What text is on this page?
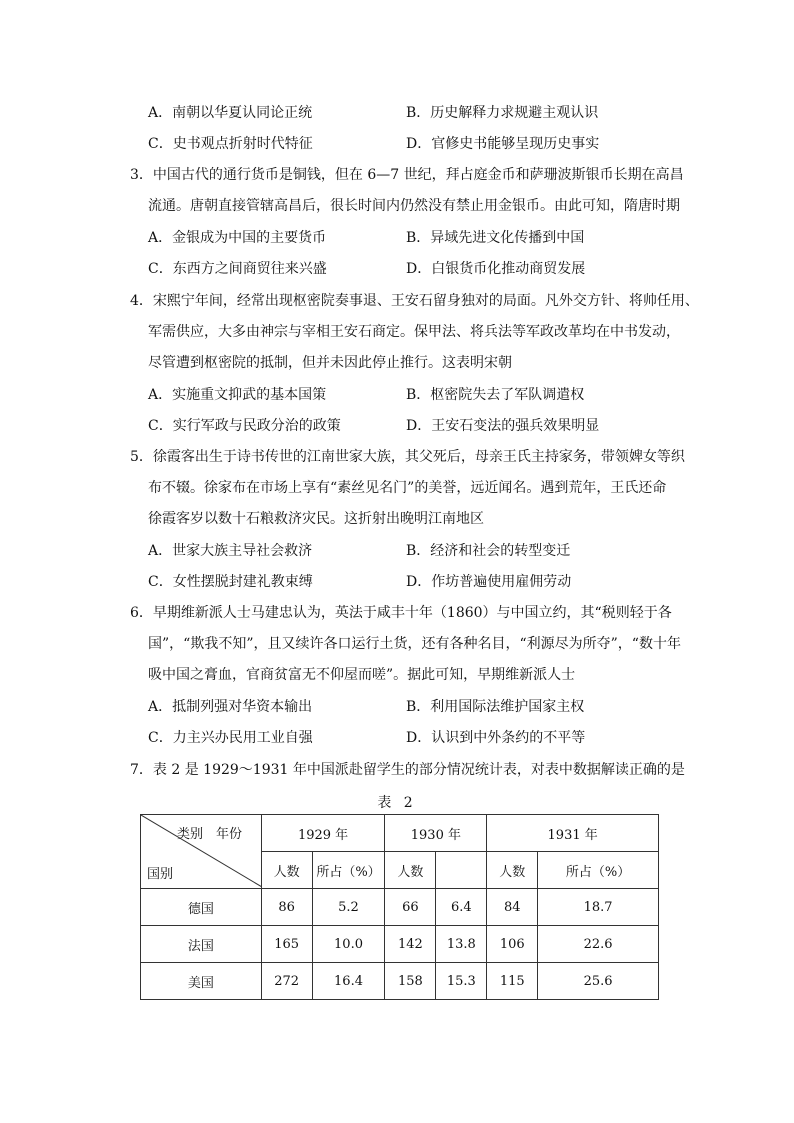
A．南朝以华夏认同论正统	B．历史解释力求规避主观认识
C．史书观点折射时代特征	D．官修史书能够呈现历史事实
3．中国古代的通行货币是铜钱，但在 6—7 世纪，拜占庭金币和萨珊波斯银币长期在高昌
流通。唐朝直接管辖高昌后，很长时间内仍然没有禁止用金银币。由此可知，隋唐时期
A．金银成为中国的主要货币	B．异域先进文化传播到中国
C．东西方之间商贸往来兴盛	D．白银货币化推动商贸发展
4．宋熙宁年间，经常出现枢密院奏事退、王安石留身独对的局面。凡外交方针、将帅任用、
军需供应，大多由神宗与宰相王安石商定。保甲法、将兵法等军政改革均在中书发动，
尽管遭到枢密院的抵制，但并未因此停止推行。这表明宋朝
A．实施重文抑武的基本国策	B．枢密院失去了军队调遣权
C．实行军政与民政分治的政策	D．王安石变法的强兵效果明显
5．徐霞客出生于诗书传世的江南世家大族，其父死后，母亲王氏主持家务，带领婢女等织
布不辍。徐家布在市场上享有“素丝见名门”的美誉，远近闻名。遇到荒年，王氏还命
徐霞客岁以数十石粮救济灾民。这折射出晚明江南地区
A．世家大族主导社会救济	B．经济和社会的转型变迁
C．女性摆脱封建礼教束缚	D．作坊普遍使用雇佣劳动
6．早期维新派人士马建忠认为，英法于咸丰十年（1860）与中国立约，其“税则轻于各
国”，“欺我不知”，且又续许各口运行土货，还有各种名目，“利源尽为所夺”，“数十年
吸中国之膏血，官商贫富无不仰屋而嗟”。据此可知，早期维新派人士
A．抵制列强对华资本输出	B．利用国际法维护国家主权
C．力主兴办民用工业自强	D．认识到中外条约的不平等
7．表 2 是 1929～1931 年中国派赴留学生的部分情况统计表，对表中数据解读正确的是
表 2
类别　年份
国别	1929 年		1930 年		1931 年	
	人数	所占（%）	人数		人数	所占（%）
德国	86	5.2	66	6.4	84	18.7
法国	165	10.0	142	13.8	106	22.6
美国	272	16.4	158	15.3	115	25.6
